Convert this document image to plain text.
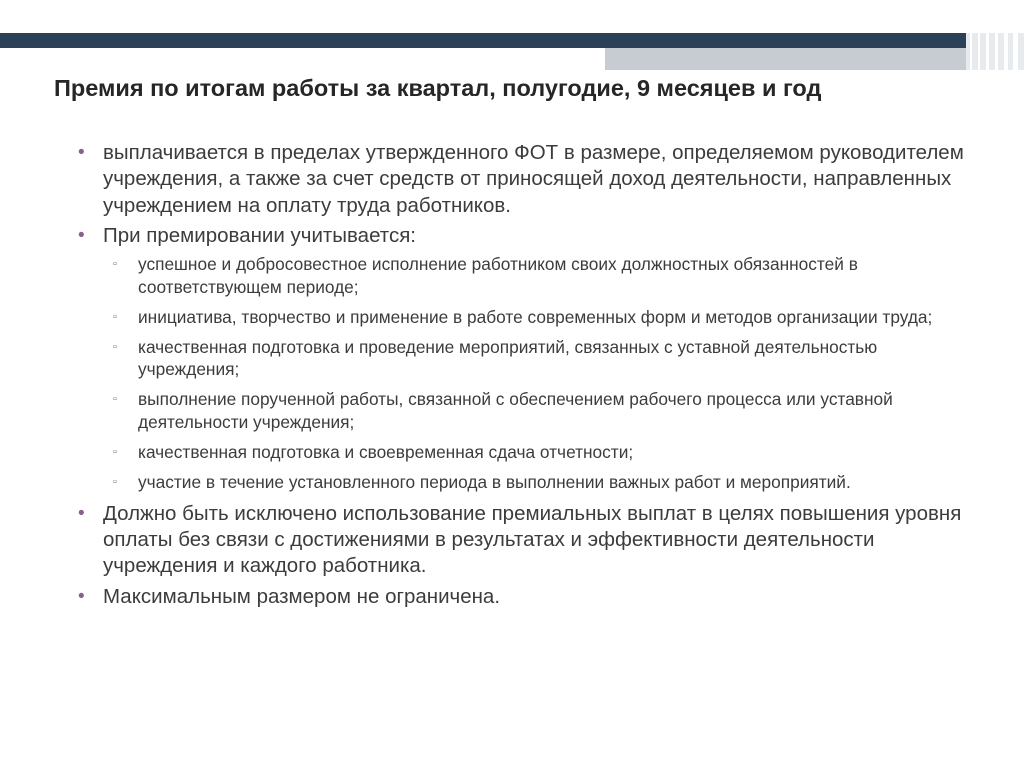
Премия по итогам работы за квартал, полугодие, 9 месяцев и год
• выплачивается в пределах утвержденного ФОТ в размере, определяемом руководителем учреждения, а также за счет средств от приносящей доход деятельности, направленных учреждением на оплату труда работников.
• При премировании учитывается:
▫ успешное и добросовестное исполнение работником своих должностных обязанностей в соответствующем периоде;
▫ инициатива, творчество и применение в работе современных форм и методов организации труда;
▫ качественная подготовка и проведение мероприятий, связанных с уставной деятельностью учреждения;
▫ выполнение порученной работы, связанной с обеспечением рабочего процесса или уставной деятельности учреждения;
▫ качественная подготовка и своевременная сдача отчетности;
▫ участие в течение установленного периода в выполнении важных работ и мероприятий.
• Должно быть исключено использование премиальных выплат в целях повышения уровня оплаты без связи с достижениями в результатах и эффективности деятельности учреждения и каждого работника.
• Максимальным размером не ограничена.
